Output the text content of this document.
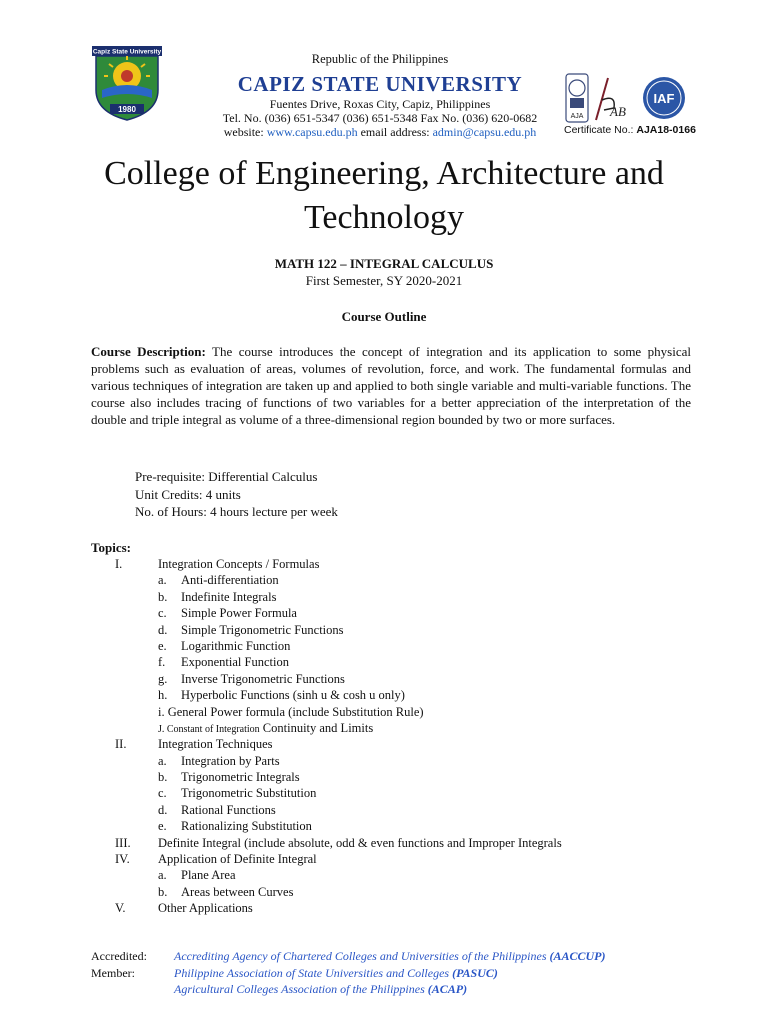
Capiz State University
1980
Republic of the Philippines
CAPIZ STATE UNIVERSITY
Fuentes Drive, Roxas City, Capiz, Philippines
Tel. No. (036) 651-5347 (036) 651-5348 Fax No. (036) 620-0682
website: www.capsu.edu.ph email address: admin@capsu.edu.ph
AJA AB
IAF
Certificate No.: AJA18-0166
College of Engineering, Architecture and Technology
MATH 122 – INTEGRAL CALCULUS
First Semester, SY 2020-2021
Course Outline
Course Description: The course introduces the concept of integration and its application to some physical problems such as evaluation of areas, volumes of revolution, force, and work. The fundamental formulas and various techniques of integration are taken up and applied to both single variable and multi-variable functions. The course also includes tracing of functions of two variables for a better appreciation of the interpretation of the double and triple integral as volume of a three-dimensional region bounded by two or more surfaces.
Pre-requisite: Differential Calculus
Unit Credits: 4 units
No. of Hours: 4 hours lecture per week
Topics:
I.	Integration Concepts / Formulas
a. Anti-differentiation
b. Indefinite Integrals
c. Simple Power Formula
d. Simple Trigonometric Functions
e. Logarithmic Function
f. Exponential Function
g. Inverse Trigonometric Functions
h. Hyperbolic Functions (sinh u & cosh u only)
i. General Power formula (include Substitution Rule)
J. Constant of Integration Continuity and Limits
II.	Integration Techniques
a. Integration by Parts
b. Trigonometric Integrals
c. Trigonometric Substitution
d. Rational Functions
e. Rationalizing Substitution
III. Definite Integral (include absolute, odd & even functions and Improper Integrals
IV. Application of Definite Integral
a. Plane Area
b. Areas between Curves
V.	Other Applications
Accredited: Accrediting Agency of Chartered Colleges and Universities of the Philippines (AACCUP)
Member:	Philippine Association of State Universities and Colleges (PASUC)
Agricultural Colleges Association of the Philippines (ACAP)
